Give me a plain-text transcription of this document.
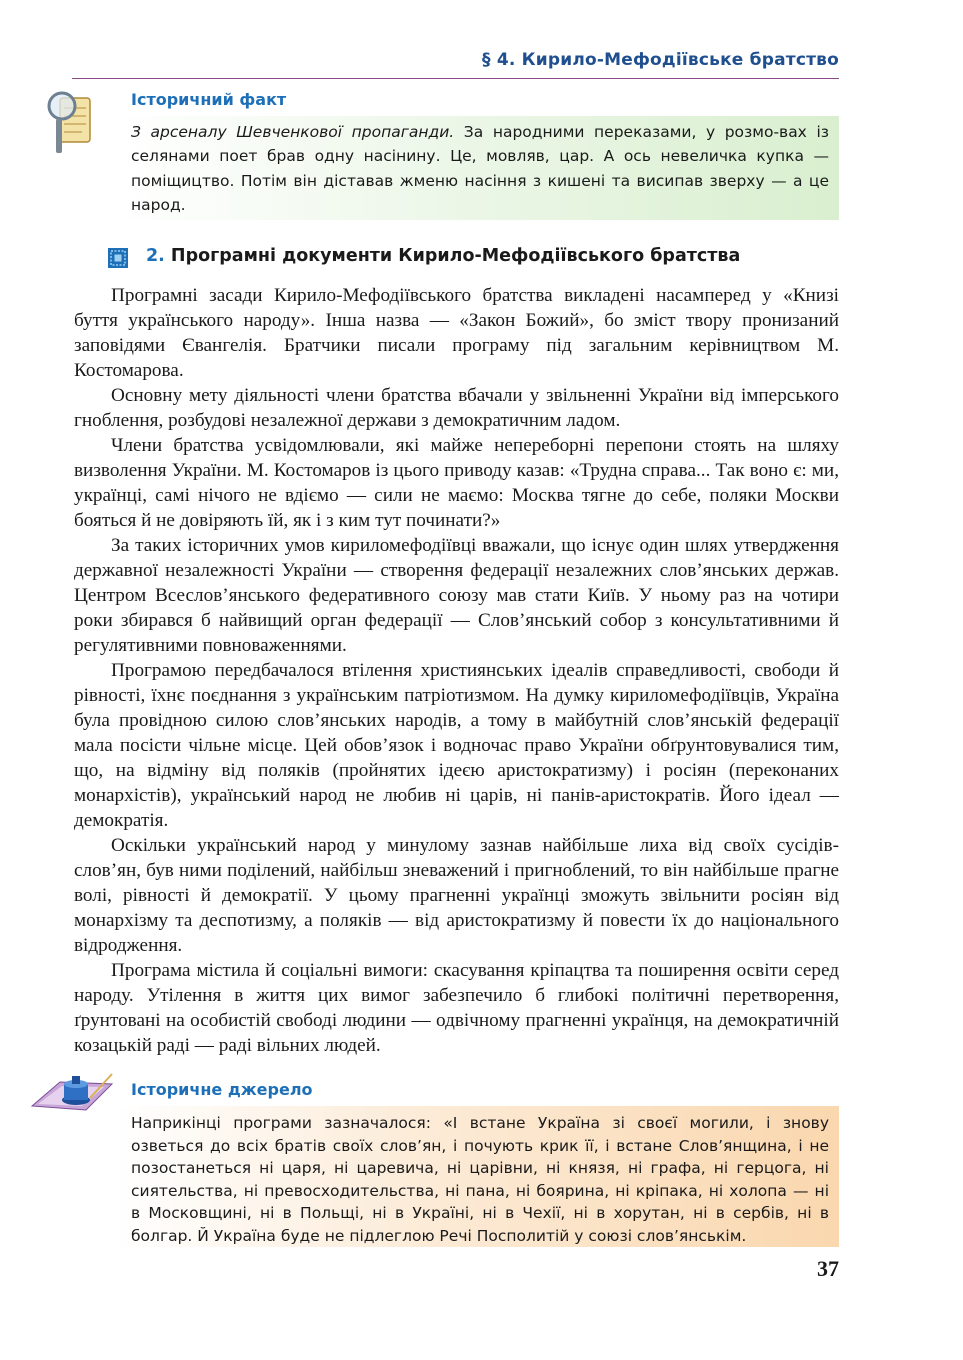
§ 4. Кирило-Мефодіївське братство
Історичний факт
З арсеналу Шевченкової пропаганди. За народними переказами, у розмо-вах із селянами поет брав одну насінину. Це, мовляв, цар. А ось невеличка купка — поміщицтво. Потім він діставав жменю насіння з кишені та висипав зверху — а це народ.
2. Програмні документи Кирило-Мефодіївського братства

Програмні засади Кирило-Мефодіївського братства викладені насамперед у «Книзі буття українського народу». Інша назва — «Закон Божий», бо зміст твору пронизаний заповідями Євангелія. Братчики писали програму під загальним керівництвом М. Костомарова.

Основну мету діяльності члени братства вбачали у звільненні України від імперського гноблення, розбудові незалежної держави з демократичним ладом.

Члени братства усвідомлювали, які майже непереборні перепони стоять на шляху визволення України. М. Костомаров із цього приводу казав: «Трудна справа... Так воно є: ми, українці, самі нічого не вдіємо — сили не маємо: Москва тягне до себе, поляки Москви бояться й не довіряють їй, як і з ким тут починати?»

За таких історичних умов кириломефодіївці вважали, що існує один шлях утвердження державної незалежності України — створення федерації незалежних слов’янських держав. Центром Всеслов’янського федеративного союзу мав стати Київ. У ньому раз на чотири роки збирався б найвищий орган федерації — Слов’янський собор з консультативними й регулятивними повноваженнями.

Програмою передбачалося втілення християнських ідеалів справедливості, свободи й рівності, їхнє поєднання з українським патріотизмом. На думку кириломефодіївців, Україна була провідною силою слов’янських народів, а тому в майбутній слов’янській федерації мала посісти чільне місце. Цей обов’язок і водночас право України обґрунтовувалися тим, що, на відміну від поляків (пройнятих ідеєю аристократизму) і росіян (переконаних монархістів), український народ не любив ні царів, ні панів-аристократів. Його ідеал — демократія.

Оскільки український народ у минулому зазнав найбільше лиха від своїх сусідів-слов’ян, був ними поділений, найбільш зневажений і пригноблений, то він найбільше прагне волі, рівності й демократії. У цьому прагненні українці зможуть звільнити росіян від монархізму та деспотизму, а поляків — від аристократизму й повести їх до національного відродження.

Програма містила й соціальні вимоги: скасування кріпацтва та поширення освіти серед народу. Утілення в життя цих вимог забезпечило б глибокі політичні перетворення, ґрунтовані на особистій свободі людини — одвічному прагненні українця, на демократичній козацькій раді — раді вільних людей.

Історичне джерело
Наприкінці програми зазначалося: «І встане Україна зі своєї могили, і знову озветься до всіх братів своїх слов’ян, і почують крик її, і встане Слов’янщина, і не позостанеться ні царя, ні царевича, ні царівни, ні князя, ні графа, ні герцога, ні сиятельства, ні превосходительства, ні пана, ні боярина, ні кріпака, ні холопа — ні в Московщині, ні в Польщі, ні в Україні, ні в Чехії, ні в хорутан, ні в сербів, ні в болгар. Й Україна буде не підлеглою Речі Посполитій у союзі слов’янськім.
37
